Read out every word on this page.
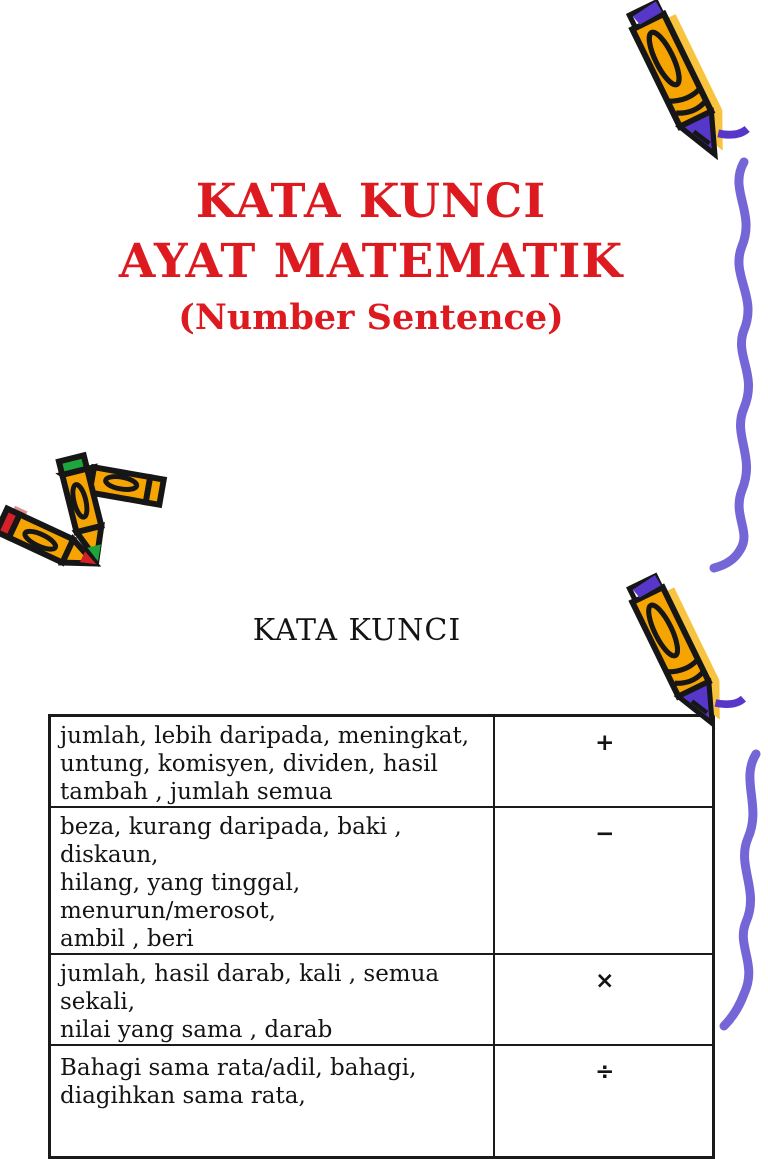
KATA KUNCI
AYAT MATEMATIK
(Number Sentence)
KATA KUNCI
jumlah, lebih daripada, meningkat,
untung, komisyen, dividen, hasil
tambah , jumlah semua	+

beza, kurang daripada, baki , diskaun,
hilang, yang tinggal, menurun/merosot,
ambil , beri	−

jumlah, hasil darab, kali , semua sekali,
nilai yang sama , darab	×

Bahagi sama rata/adil, bahagi,
diagihkan sama rata,	÷
